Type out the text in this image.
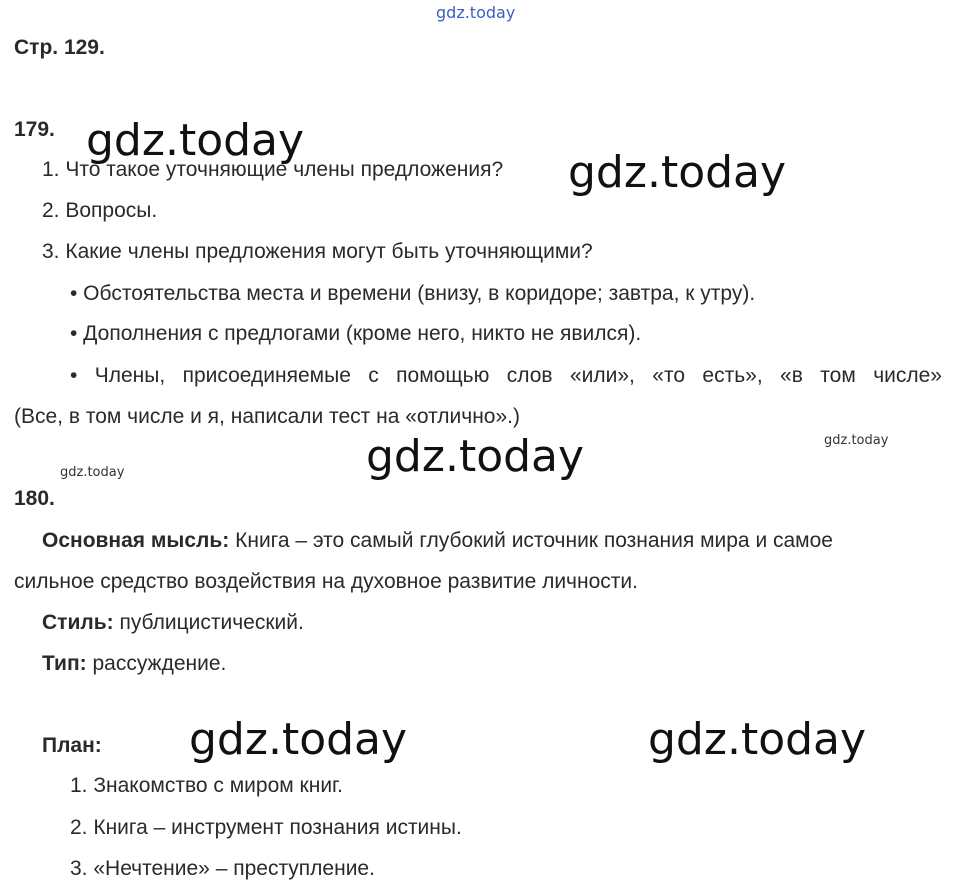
gdz.today
Стр. 129.
179.
1. Что такое уточняющие члены предложения?
2. Вопросы.
3. Какие члены предложения могут быть уточняющими?
• Обстоятельства места и времени (внизу, в коридоре; завтра, к утру).
• Дополнения с предлогами (кроме него, никто не явился).
• Члены, присоединяемые с помощью слов «или», «то есть», «в том числе»
(Все, в том числе и я, написали тест на «отлично».)
180.
Основная мысль: Книга – это самый глубокий источник познания мира и самое
сильное средство воздействия на духовное развитие личности.
Стиль: публицистический.
Тип: рассуждение.
План:
1. Знакомство с миром книг.
2. Книга – инструмент познания истины.
3. «Нечтение» – преступление.
gdz.today
gdz.today
gdz.today
gdz.today	gdz.today
gdz.today
gdz.today
